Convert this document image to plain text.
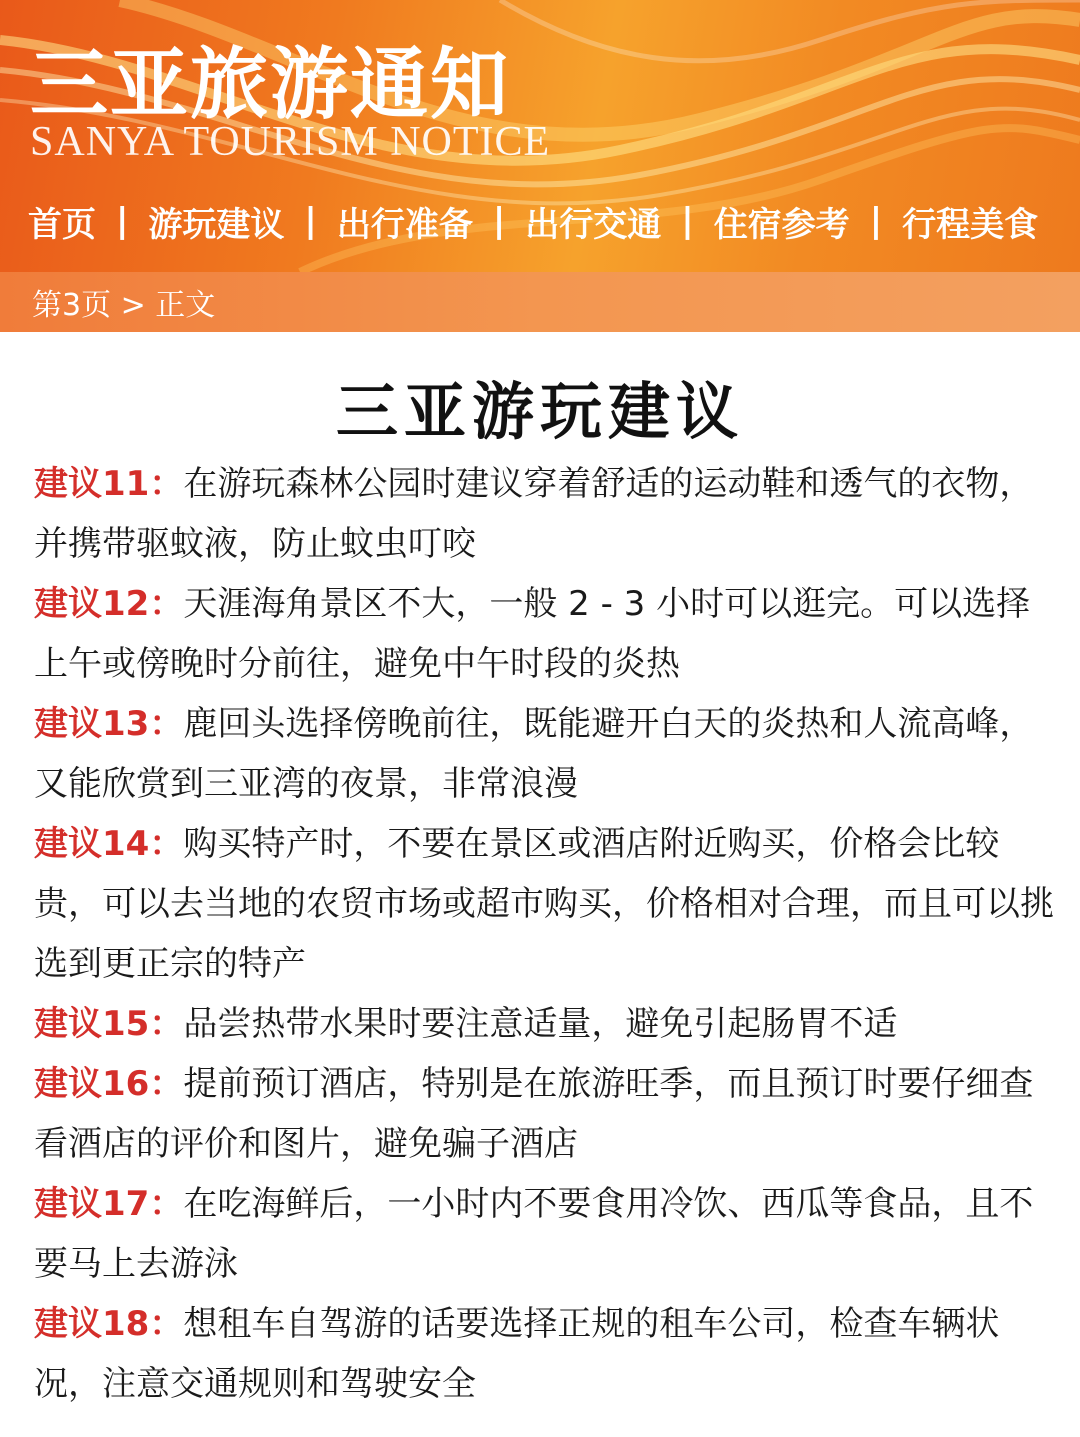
三亚旅游通知
SANYA TOURISM NOTICE
首页 | 游玩建议 | 出行准备 | 出行交通 | 住宿参考 | 行程美食
第3页 > 正文
三亚游玩建议

建议11：在游玩森林公园时建议穿着舒适的运动鞋和透气的衣物，并携带驱蚊液，防止蚊虫叮咬

建议12：天涯海角景区不大，一般 2 - 3 小时可以逛完。可以选择上午或傍晚时分前往，避免中午时段的炎热

建议13：鹿回头选择傍晚前往，既能避开白天的炎热和人流高峰，又能欣赏到三亚湾的夜景，非常浪漫

建议14：购买特产时，不要在景区或酒店附近购买，价格会比较贵，可以去当地的农贸市场或超市购买，价格相对合理，而且可以挑选到更正宗的特产

建议15：品尝热带水果时要注意适量，避免引起肠胃不适

建议16：提前预订酒店，特别是在旅游旺季，而且预订时要仔细查看酒店的评价和图片，避免骗子酒店

建议17：在吃海鲜后，一小时内不要食用冷饮、西瓜等食品，且不要马上去游泳

建议18：想租车自驾游的话要选择正规的租车公司，检查车辆状况，注意交通规则和驾驶安全
